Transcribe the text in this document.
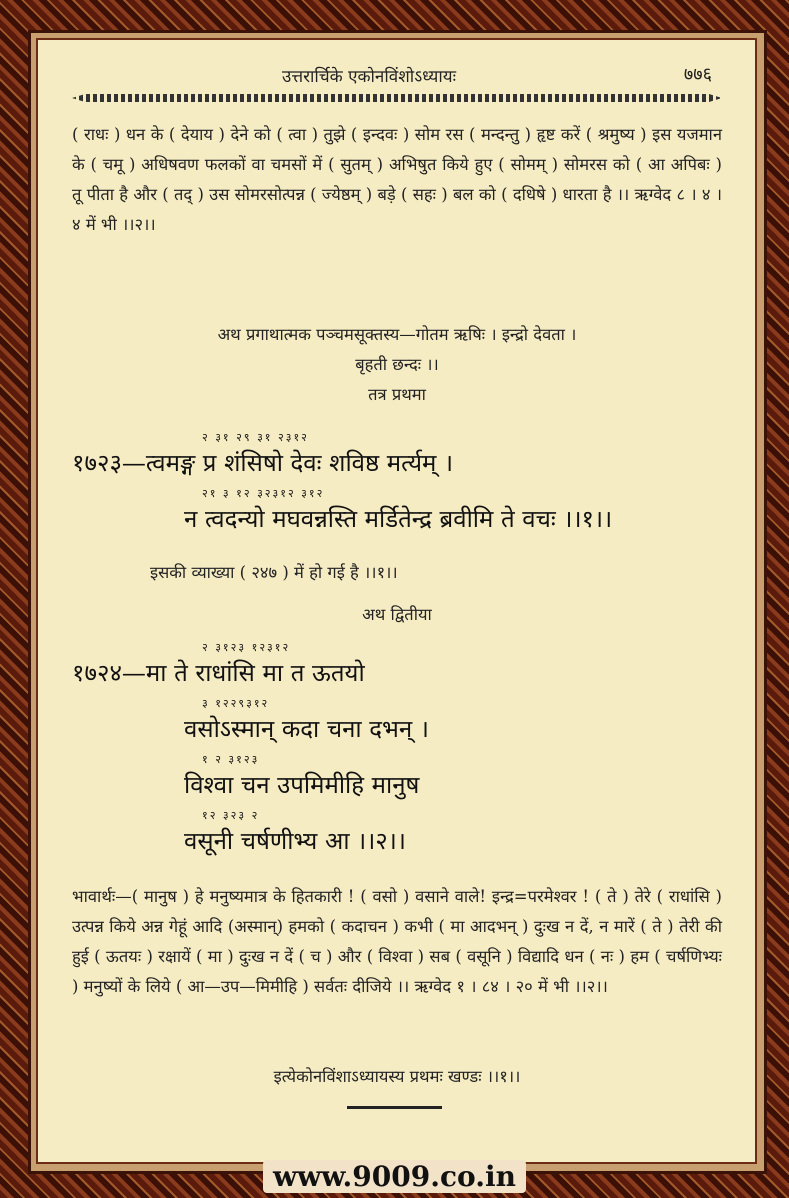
उत्तरार्चिके एकोनविंशोऽध्यायः	७७६
( राधः ) धन के ( देयाय ) देने को ( त्वा ) तुझे ( इन्दवः ) सोम रस ( मन्दन्तु ) हृष्ट करें ( श्रमुष्य ) इस यजमान के ( चमू ) अधिषवण फलकों वा चमसों में ( सुतम् ) अभिषुत किये हुए ( सोमम् ) सोमरस को ( आ अपिबः ) तू पीता है और ( तद् ) उस सोमरसोत्पन्न ( ज्येष्ठम् ) बड़े ( सहः ) बल को ( दधिषे ) धारता है ।। ऋग्वेद ८ । ४ । ४ में भी ।।२।।
अथ प्रगाथात्मक पञ्चमसूक्तस्य—गोतम ऋषिः । इन्द्रो देवता ।
बृहती छन्दः ।।
तत्र प्रथमा
२ ३१ २९ ३१ २३१२
१७२३—त्वमङ्ग प्र शंसिषो देवः शविष्ठ मर्त्यम् ।
२१ ३ १२ ३२३१२ ३१२
न त्वदन्यो मघवन्नस्ति मर्डितेन्द्र ब्रवीमि ते वचः ।।१।।
इसकी व्याख्या ( २४७ ) में हो गई है ।।१।।
अथ द्वितीया
२ ३१२३ १२३१२
१७२४—मा ते राधांसि मा त ऊतयो
३ १२२९३१२
वसोऽस्मान् कदा चना दभन् ।
१ २ ३१२३
विश्वा चन उपमिमीहि मानुष
१२ ३२३ २
वसूनी चर्षणीभ्य आ ।।२।।
भावार्थः—( मानुष ) हे मनुष्यमात्र के हितकारी ! ( वसो ) वसाने वाले! इन्द्र=परमेश्वर ! ( ते ) तेरे ( राधांसि ) उत्पन्न किये अन्न गेहूं आदि (अस्मान्) हमको ( कदाचन ) कभी ( मा आदभन् ) दुःख न दें, न मारें ( ते ) तेरी की हुई ( ऊतयः ) रक्षायें ( मा ) दुःख न दें ( च ) और ( विश्वा ) सब ( वसूनि ) विद्यादि धन ( नः ) हम ( चर्षणिभ्यः ) मनुष्यों के लिये ( आ—उप—मिमीहि ) सर्वतः दीजिये ।। ऋग्वेद १ । ८४ । २० में भी ।।२।।
इत्येकोनविंशाऽध्यायस्य प्रथमः खण्डः ।।१।।
www.9009.co.in
